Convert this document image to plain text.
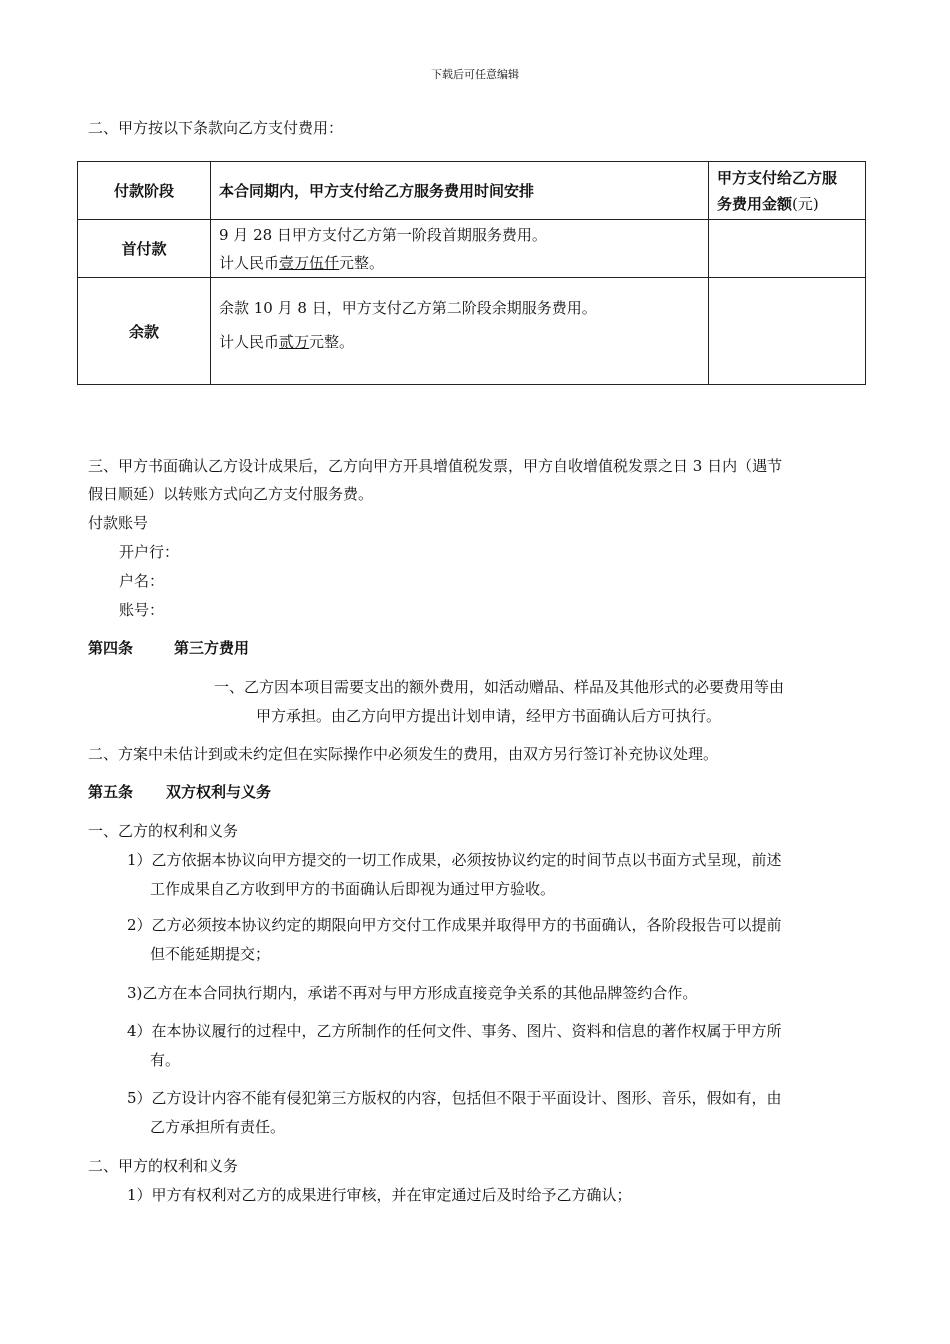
下载后可任意编辑
二、甲方按以下条款向乙方支付费用：
付款阶段	本合同期内，甲方支付给乙方服务费用时间安排	甲方支付给乙方服
务费用金额(元)

首付款	9 月 28 日甲方支付乙方第一阶段首期服务费用。
计人民币壹万伍仟元整。	

余款	余款 10 月 8 日，甲方支付乙方第二阶段余期服务费用。
计人民币贰万元整。	

三、甲方书面确认乙方设计成果后，乙方向甲方开具增值税发票，甲方自收增值税发票之日 3 日内（遇节
假日顺延）以转账方式向乙方支付服务费。
付款账号
开户行：
户名：
账号：
第四条	第三方费用
一、乙方因本项目需要支出的额外费用，如活动赠品、样品及其他形式的必要费用等由
甲方承担。由乙方向甲方提出计划申请，经甲方书面确认后方可执行。
二、方案中未估计到或未约定但在实际操作中必须发生的费用，由双方另行签订补充协议处理。
第五条 双方权利与义务
一、乙方的权利和义务
1）乙方依据本协议向甲方提交的一切工作成果，必须按协议约定的时间节点以书面方式呈现，前述
工作成果自乙方收到甲方的书面确认后即视为通过甲方验收。
2）乙方必须按本协议约定的期限向甲方交付工作成果并取得甲方的书面确认，各阶段报告可以提前
但不能延期提交；
3)乙方在本合同执行期内，承诺不再对与甲方形成直接竞争关系的其他品牌签约合作。
4）在本协议履行的过程中，乙方所制作的任何文件、事务、图片、资料和信息的著作权属于甲方所
有。
5）乙方设计内容不能有侵犯第三方版权的内容，包括但不限于平面设计、图形、音乐，假如有，由
乙方承担所有责任。
二、甲方的权利和义务
1）甲方有权利对乙方的成果进行审核，并在审定通过后及时给予乙方确认；
